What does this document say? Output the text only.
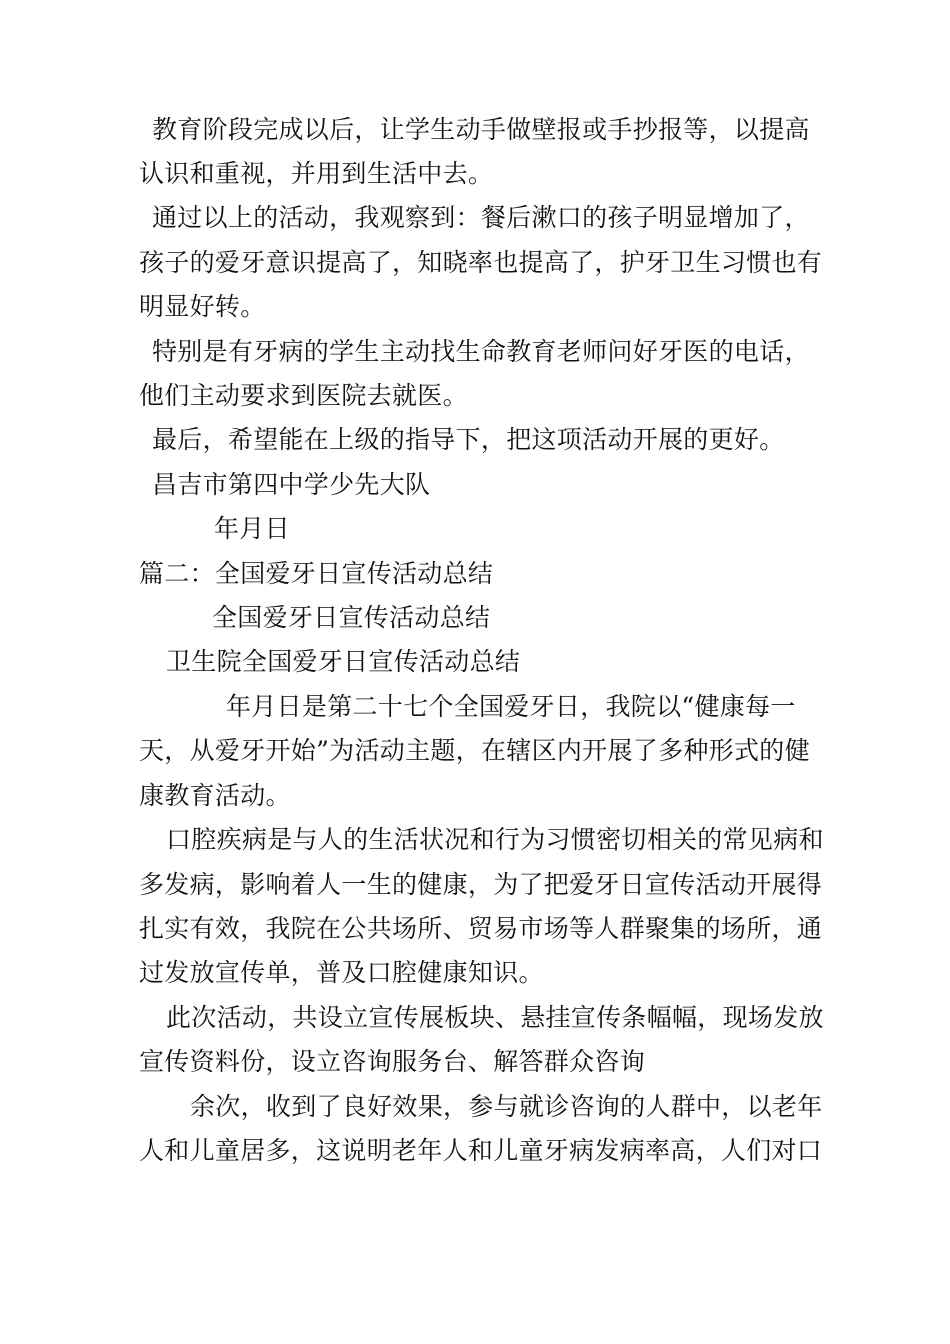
教育阶段完成以后，让学生动手做壁报或手抄报等，以提高
认识和重视，并用到生活中去。
通过以上的活动，我观察到：餐后漱口的孩子明显增加了，
孩子的爱牙意识提高了，知晓率也提高了，护牙卫生习惯也有
明显好转。
特别是有牙病的学生主动找生命教育老师问好牙医的电话，
他们主动要求到医院去就医。
最后，希望能在上级的指导下，把这项活动开展的更好。
昌吉市第四中学少先大队
年月日
篇二：全国爱牙日宣传活动总结
全国爱牙日宣传活动总结
卫生院全国爱牙日宣传活动总结
年月日是第二十七个全国爱牙日，我院以“健康每一
天，从爱牙开始”为活动主题，在辖区内开展了多种形式的健
康教育活动。
口腔疾病是与人的生活状况和行为习惯密切相关的常见病和
多发病，影响着人一生的健康，为了把爱牙日宣传活动开展得
扎实有效，我院在公共场所、贸易市场等人群聚集的场所，通
过发放宣传单，普及口腔健康知识。
此次活动，共设立宣传展板块、悬挂宣传条幅幅，现场发放
宣传资料份，设立咨询服务台、解答群众咨询
余次，收到了良好效果，参与就诊咨询的人群中，以老年
人和儿童居多，这说明老年人和儿童牙病发病率高，人们对口
